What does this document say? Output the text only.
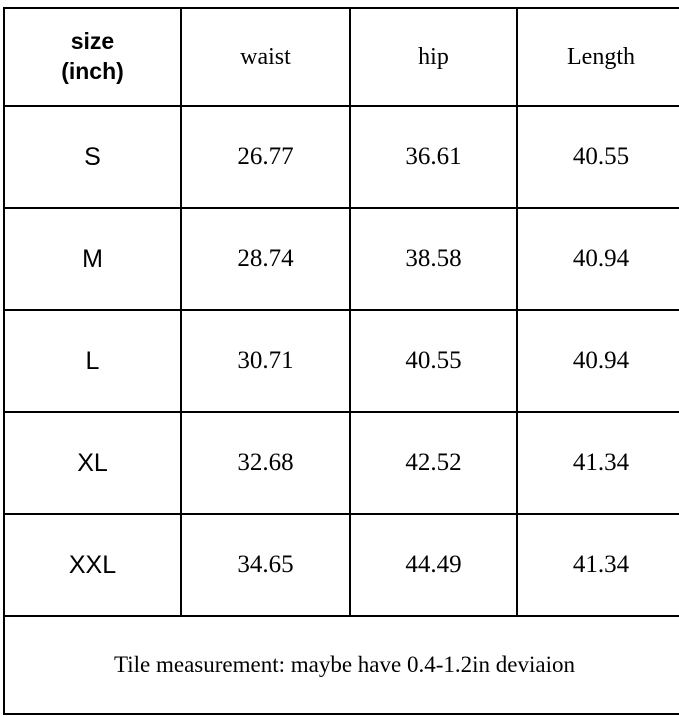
size
(inch)	waist	hip	Length
S	26.77	36.61	40.55
M	28.74	38.58	40.94
L	30.71	40.55	40.94
XL	32.68	42.52	41.34
XXL	34.65	44.49	41.34
Tile measurement: maybe have 0.4-1.2in deviaion			
